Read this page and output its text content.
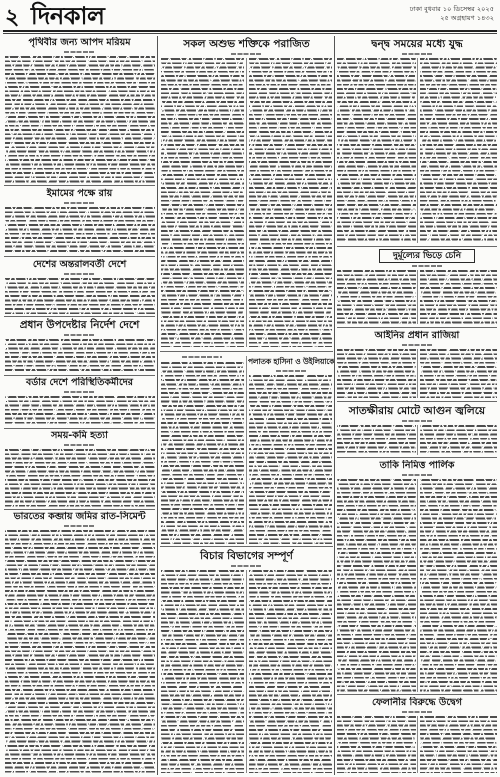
২ দিনকাল	ঢাকা বুধবার ১০ ডিসেম্বর ২০২৫
২৫ অগ্রহায়ণ ১৪৩২
পৃথিবীর জন্য আপদ মরিয়ম
ইমামের পক্ষে রায়
দেশের অন্তরালবর্তী দেশে
প্রধান উপদেষ্টার নির্দেশ দেশে
বর্ডার দেশে পরিস্থিতিকর্মীদের
সময়-কমি হত্যা
ভারতের কব্জায় জমির রাত-সিমেন্ট
সকল অশুভ শক্তিকে পরাজিত
পলাতক হাসিনা ও উইলিয়াকে
বিচার বিভাগের সম্পূর্ণ
দ্বন্দ্ব সময়ের মধ্যে যুদ্ধ
দুর্মূল্যের ভিড়ে চেনি
আইনির প্রধান রাজিয়া
সাতক্ষীরায় মোটে আগুন জ্বলিয়ে
তাকি নিমিত্ত পার্লিক
ফেলানীর বিরুদ্ধে উদ্বেগ
